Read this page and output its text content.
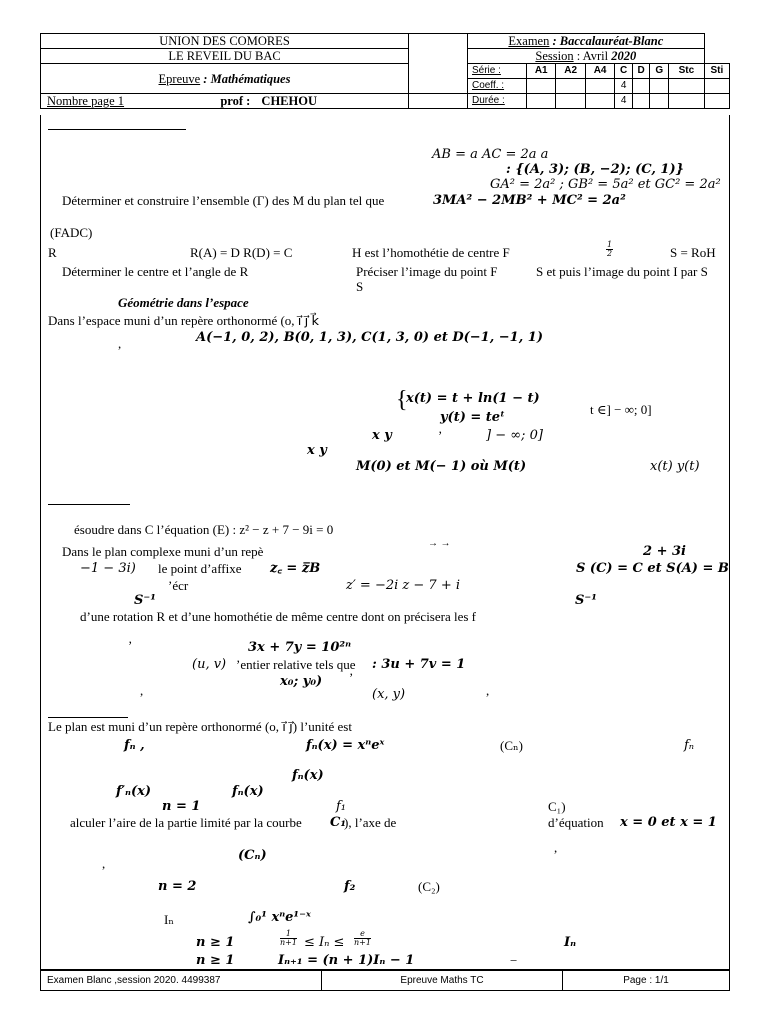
UNION DES COMORES		Examen : Baccalauréat-Blanc								
LE REVEIL DU BAC		Session : Avril 2020								
Epreuve : Mathématiques		Série :	A1	A2	A4	C	D	G	Stc	Sti
		Coeff. :				4				
Nombre page 1 prof : CHEHOU		Durée :				4				
AB = a AC = 2a a
: {(A, 3); (B, −2); (C, 1)}
GA² = 2a² ; GB² = 5a² et GC² = 2a²
Déterminer et construire l’ensemble (Γ) des M du plan tel que	3MA² − 2MB² + MC² = 2a²
(FADC)
R	R(A) = D R(D) = C	H est l’homothétie de centre F	$\frac{1}{2}$	S = RoH
Déterminer le centre et l’angle de R	Préciser l’image du point F	S et puis l’image du point I par S
S
Géométrie dans l’espace
Dans l’espace muni d’un repère orthonormé (o, i⃗ j⃗ k⃗
,	A(−1, 0, 2), B(0, 1, 3), C(1, 3, 0) et D(−1, −1, 1)
{
x(t) = t + ln(1 − t)
t ∈] − ∞; 0]
y(t) = teᵗ
x y	’	] − ∞; 0]
x y
M(0) et M(− 1) où M(t)	x(t) y(t)
ésoudre dans C l’équation (E) : z² − z + 7 − 9i = 0
Dans le plan complexe muni d’un repè
→ →
2 + 3i
−1 − 3i) le point d’affixe z꜀ = z̅B	S (C) = C et S(A) = B
’écr	z′ = −2i z − 7 + i
S⁻¹	S⁻¹
d’une rotation R et d’une homothétie de même centre dont on précisera les f
’	3x + 7y = 10²ⁿ
(u, v) ’entier relative tels que : 3u + 7v = 1
,
x₀; y₀) ’
,
(x, y)
Le plan est muni d’un repère orthonormé (o, i⃗ j⃗) l’unité est
fₙ ,	fₙ(x) = xⁿeˣ	(Cₙ)	fₙ
fₙ(x)
f′ₙ(x)	fₙ(x)
n = 1	f₁	C₁)
alculer l’aire de la partie limité par la courbe C₁
), l’axe de	d’équation x = 0 et x = 1
,
(Cₙ)
,
n = 2	f₂	(C₂)
Iₙ	∫₀¹ xⁿe¹⁻ˣ
n ≥ 1	$\frac{1}{n+1} \le I_n \le \frac{e}{n+1}$	Iₙ
n ≥ 1	Iₙ₊₁ = (n + 1)Iₙ − 1	−
Examen Blanc ,session 2020. 4499387	Epreuve Maths TC	Page : 1/1
